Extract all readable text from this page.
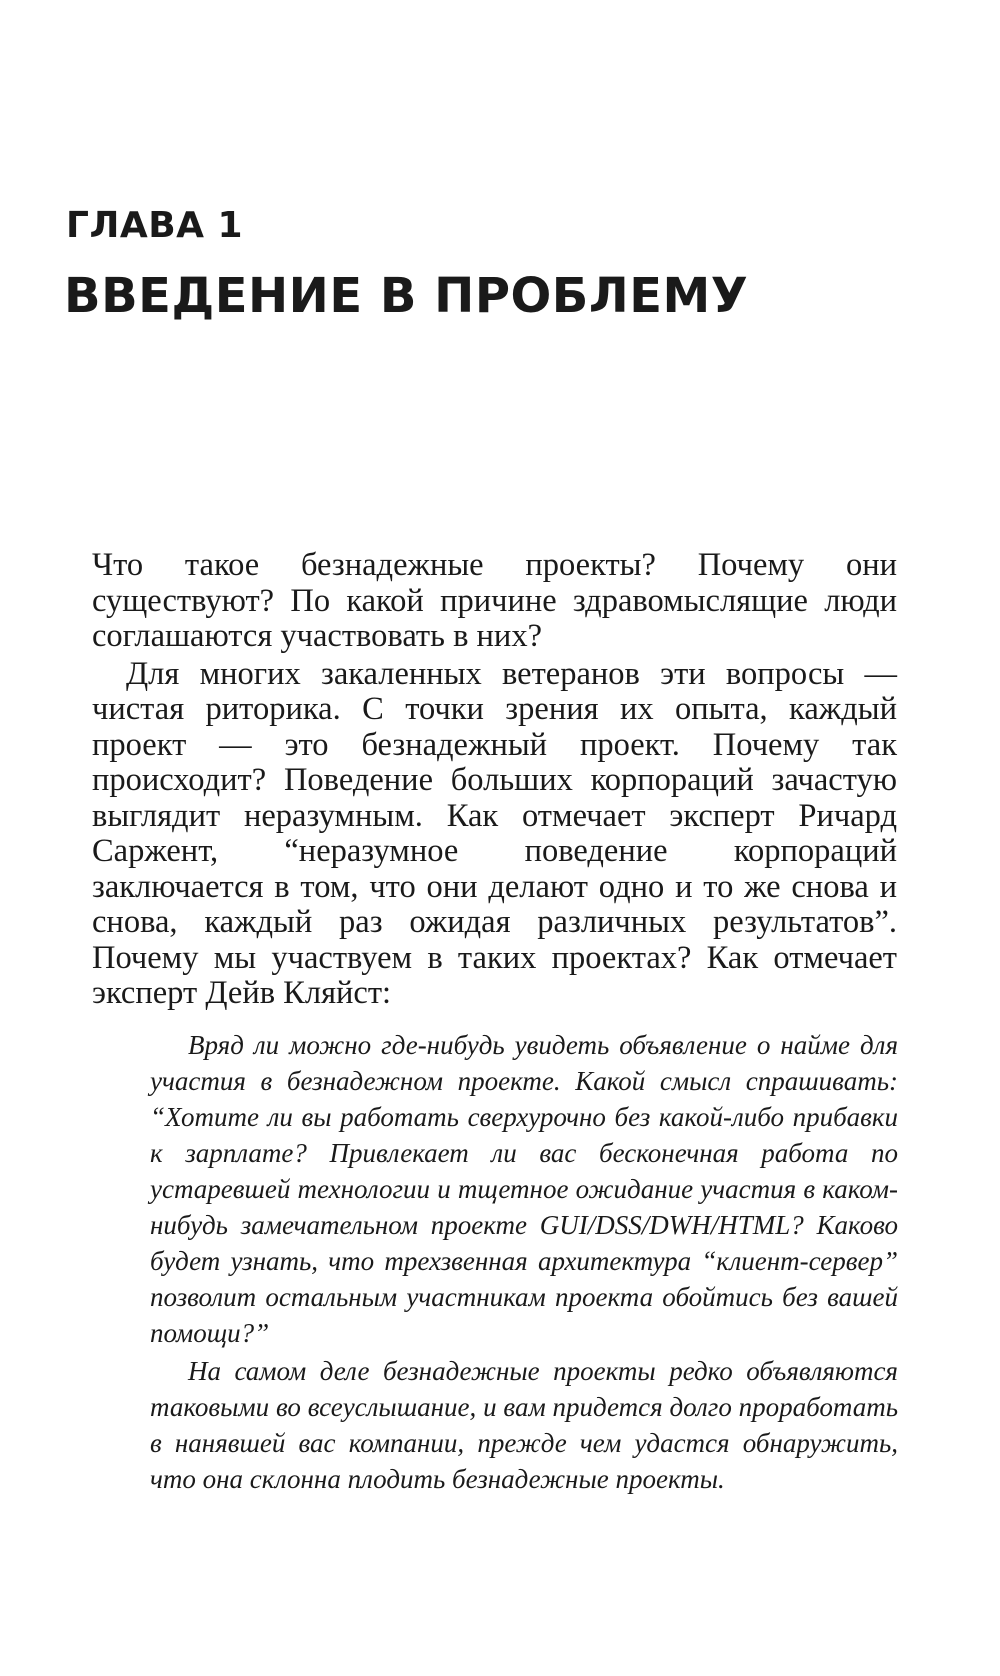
ГЛАВА 1
ВВЕДЕНИЕ В ПРОБЛЕМУ

Что такое безнадежные проекты? Почему они существуют? По какой причине здравомыслящие люди соглашаются участвовать в них?

Для многих закаленных ветеранов эти вопросы — чистая риторика. С точки зрения их опыта, каждый проект — это безнадежный проект. Почему так происходит? Поведение больших корпораций зачастую выглядит неразумным. Как отмечает эксперт Ричард Саржент, “неразумное поведение корпораций заключается в том, что они делают одно и то же снова и снова, каждый раз ожидая различных результатов”. Почему мы участвуем в таких проектах? Как отмечает эксперт Дейв Кляйст:

Вряд ли можно где-нибудь увидеть объявление о найме для участия в безнадежном проекте. Какой смысл спрашивать: “Хотите ли вы работать сверхурочно без какой-либо прибавки к зарплате? Привлекает ли вас бесконечная работа по устаревшей технологии и тщетное ожидание участия в каком-нибудь замечательном проекте GUI/DSS/DWH/HTML? Каково будет узнать, что трехзвенная архитектура “клиент-сервер” позволит остальным участникам проекта обойтись без вашей помощи?”

На самом деле безнадежные проекты редко объявляются таковыми во всеуслышание, и вам придется долго проработать в нанявшей вас компании, прежде чем удастся обнаружить, что она склонна плодить безнадежные проекты.
